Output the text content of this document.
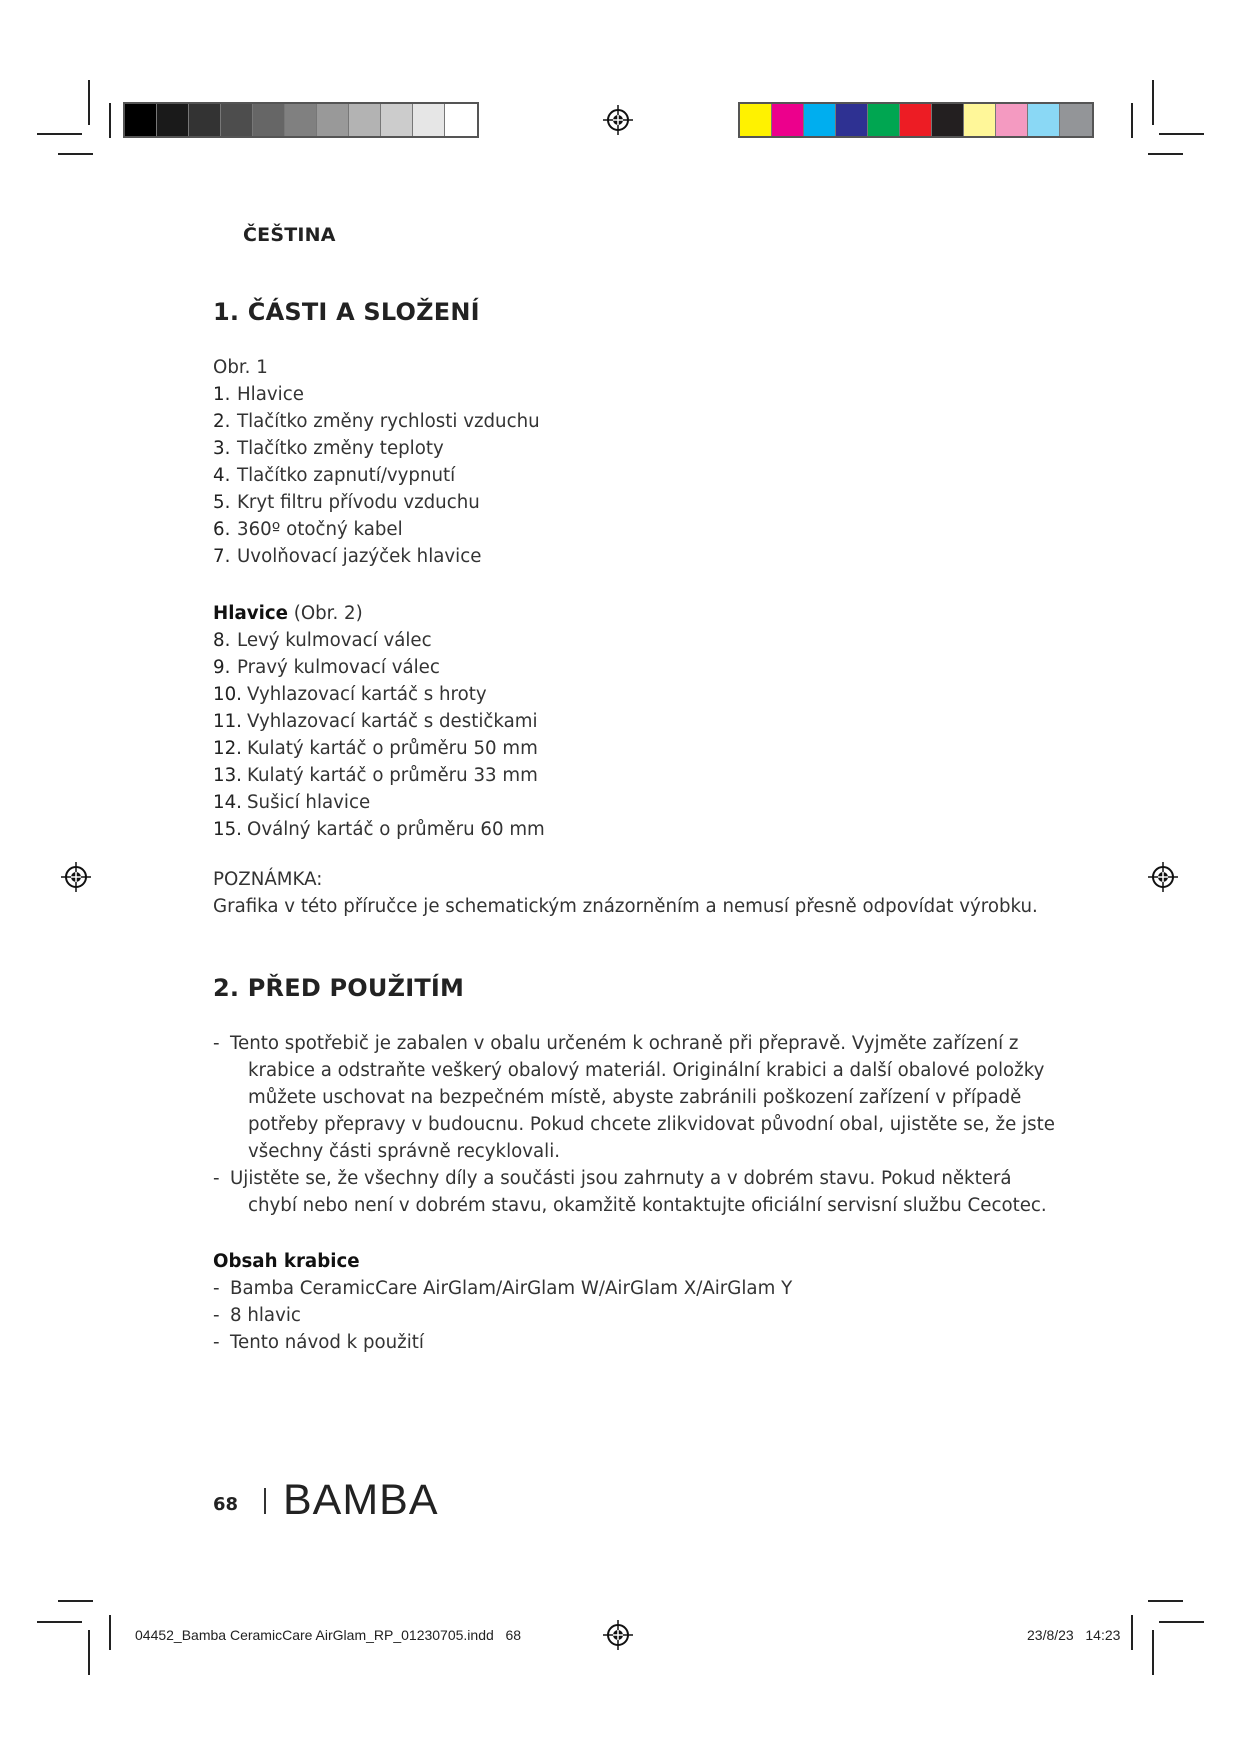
ČEŠTINA
1. ČÁSTI A SLOŽENÍ
Obr. 1
1. Hlavice
2. Tlačítko změny rychlosti vzduchu
3. Tlačítko změny teploty
4. Tlačítko zapnutí/vypnutí
5. Kryt filtru přívodu vzduchu
6. 360º otočný kabel
7. Uvolňovací jazýček hlavice
Hlavice (Obr. 2)
8. Levý kulmovací válec
9. Pravý kulmovací válec
10. Vyhlazovací kartáč s hroty
11. Vyhlazovací kartáč s destičkami
12. Kulatý kartáč o průměru 50 mm
13. Kulatý kartáč o průměru 33 mm
14. Sušicí hlavice
15. Oválný kartáč o průměru 60 mm
POZNÁMKA:
Grafika v této příručce je schematickým znázorněním a nemusí přesně odpovídat výrobku.
2. PŘED POUŽITÍM
- Tento spotřebič je zabalen v obalu určeném k ochraně při přepravě. Vyjměte zařízení z
krabice a odstraňte veškerý obalový materiál. Originální krabici a další obalové položky
můžete uschovat na bezpečném místě, abyste zabránili poškození zařízení v případě
potřeby přepravy v budoucnu. Pokud chcete zlikvidovat původní obal, ujistěte se, že jste
všechny části správně recyklovali.
- Ujistěte se, že všechny díly a součásti jsou zahrnuty a v dobrém stavu. Pokud některá
chybí nebo není v dobrém stavu, okamžitě kontaktujte oficiální servisní službu Cecotec.
Obsah krabice
- Bamba CeramicCare AirGlam/AirGlam W/AirGlam X/AirGlam Y
- 8 hlavic
- Tento návod k použití
68 BAMBA
04452_Bamba CeramicCare AirGlam_RP_01230705.indd   68	23/8/23   14:23
